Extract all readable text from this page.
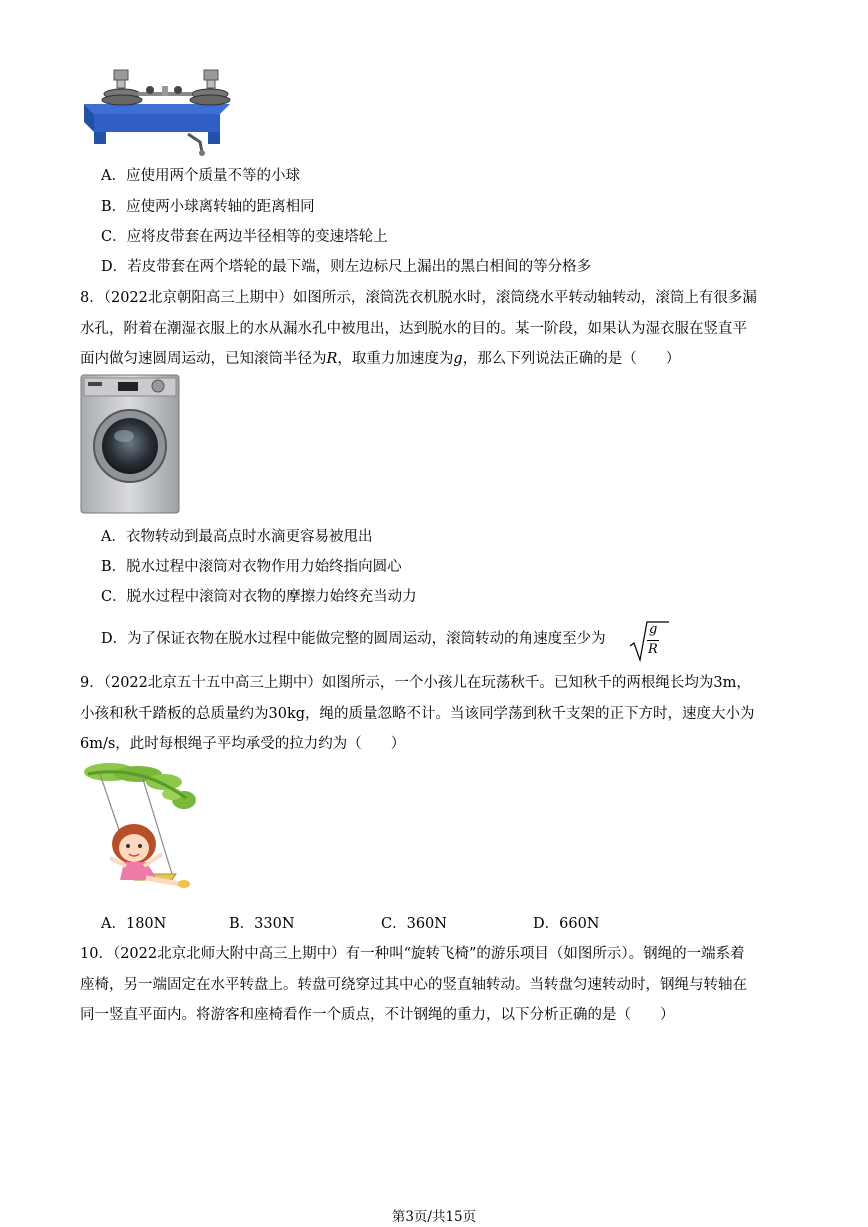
A．应使用两个质量不等的小球
B．应使两小球离转轴的距离相同
C．应将皮带套在两边半径相等的变速塔轮上
D．若皮带套在两个塔轮的最下端，则左边标尺上漏出的黑白相间的等分格多
8．（2022北京朝阳高三上期中）如图所示，滚筒洗衣机脱水时，滚筒绕水平转动轴转动，滚筒上有很多漏
水孔，附着在潮湿衣服上的水从漏水孔中被甩出，达到脱水的目的。某一阶段，如果认为湿衣服在竖直平
面内做匀速圆周运动，已知滚筒半径为R，取重力加速度为g，那么下列说法正确的是（　　）
A．衣物转动到最高点时水滴更容易被甩出
B．脱水过程中滚筒对衣物作用力始终指向圆心
C．脱水过程中滚筒对衣物的摩擦力始终充当动力
D．为了保证衣物在脱水过程中能做完整的圆周运动，滚筒转动的角速度至少为
g
R
9．（2022北京五十五中高三上期中）如图所示，一个小孩儿在玩荡秋千。已知秋千的两根绳长均为3m，
小孩和秋千踏板的总质量约为30kg，绳的质量忽略不计。当该同学荡到秋千支架的正下方时，速度大小为
6m/s，此时每根绳子平均承受的拉力约为（　　）
A．180N	B．330N	C．360N	D．660N
10．（2022北京北师大附中高三上期中）有一种叫“旋转飞椅”的游乐项目（如图所示）。钢绳的一端系着
座椅，另一端固定在水平转盘上。转盘可绕穿过其中心的竖直轴转动。当转盘匀速转动时，钢绳与转轴在
同一竖直平面内。将游客和座椅看作一个质点，不计钢绳的重力，以下分析正确的是（　　）
第3页/共15页
